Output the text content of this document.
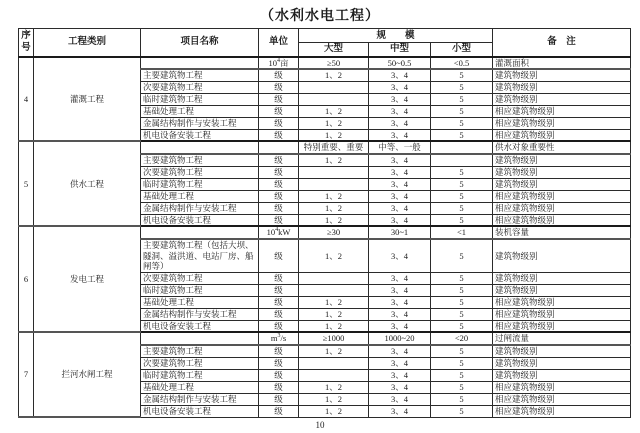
（水利水电工程）
序号	工程类别	项目名称	单位	规　　模			备　注
				大型	中型	小型	
4	灌溉工程		$10^4$亩	≥50	50~0.5	<0.5	灌溉面积
		主要建筑物工程	级	1、2	3、4	5	建筑物级别
		次要建筑物工程	级		3、4	5	建筑物级别
		临时建筑物工程	级		3、4	5	建筑物级别
		基础处理工程	级	1、2	3、4	5	相应建筑物级别
		金属结构制作与安装工程	级	1、2	3、4	5	相应建筑物级别
		机电设备安装工程	级	1、2	3、4	5	相应建筑物级别
5	供水工程			特别重要、重要	中等、一般		供水对象重要性
		主要建筑物工程	级	1、2	3、4		建筑物级别
		次要建筑物工程	级		3、4	5	建筑物级别
		临时建筑物工程	级		3、4	5	建筑物级别
		基础处理工程	级	1、2	3、4	5	相应建筑物级别
		金属结构制作与安装工程	级	1、2	3、4	5	相应建筑物级别
		机电设备安装工程	级	1、2	3、4	5	相应建筑物级别
6	发电工程		$10^4kW$	≥30	30~1	<1	装机容量
		主要建筑物工程（包括大坝、隧洞、溢洪道、电站厂房、船闸等）	级	1、2	3、4	5	建筑物级别
		次要建筑物工程	级		3、4	5	建筑物级别
		临时建筑物工程	级		3、4	5	建筑物级别
		基础处理工程	级	1、2	3、4	5	相应建筑物级别
		金属结构制作与安装工程	级	1、2	3、4	5	相应建筑物级别
		机电设备安装工程	级	1、2	3、4	5	相应建筑物级别
7	拦河水闸工程		$m^3/s$	≥1000	1000~20	<20	过闸流量
		主要建筑物工程	级	1、2	3、4	5	建筑物级别
		次要建筑物工程	级		3、4	5	建筑物级别
		临时建筑物工程	级		3、4	5	建筑物级别
		基础处理工程	级	1、2	3、4	5	相应建筑物级别
		金属结构制作与安装工程	级	1、2	3、4	5	相应建筑物级别
		机电设备安装工程	级	1、2	3、4	5	相应建筑物级别
10
